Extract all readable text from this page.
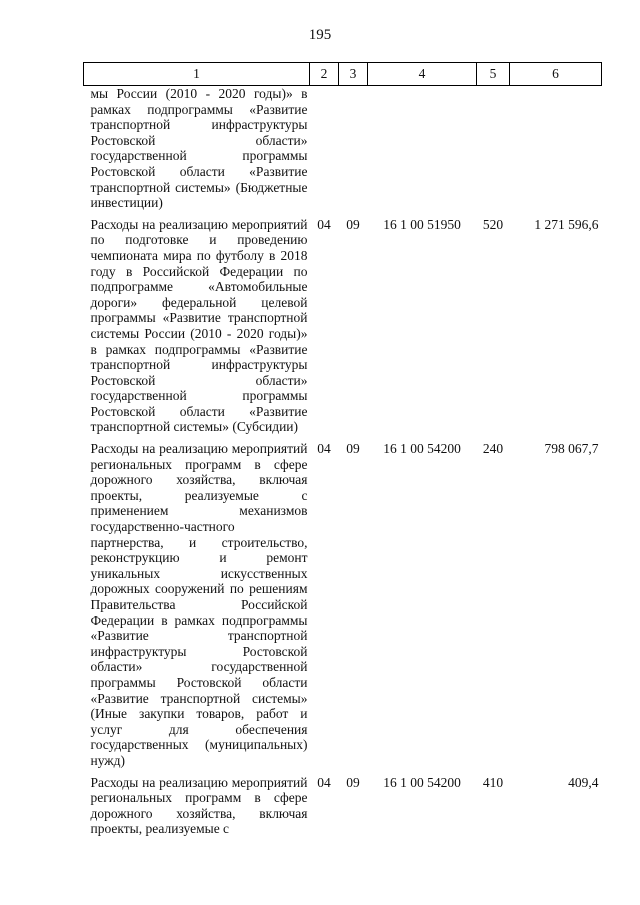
195
1	2	3	4	5	6
мы России (2010 - 2020 годы)» в рамках подпрограммы «Развитие транспортной инфраструктуры Ростовской области» государственной программы Ростовской области «Развитие транспортной системы» (Бюджетные инвестиции)					
Расходы на реализацию мероприятий по подготовке и проведению чемпионата мира по футболу в 2018 году в Российской Федерации по подпрограмме «Автомобильные дороги» федеральной целевой программы «Развитие транспортной системы России (2010 - 2020 годы)» в рамках подпрограммы «Развитие транспортной инфраструктуры Ростовской области» государственной программы Ростовской области «Развитие транспортной системы» (Субсидии)	04	09	16 1 00 51950	520	1 271 596,6
Расходы на реализацию мероприятий региональных программ в сфере дорожного хозяйства, включая проекты, реализуемые с применением механизмов государственно-частного партнерства, и строительство, реконструкцию и ремонт уникальных искусственных дорожных сооружений по решениям Правительства Российской Федерации в рамках подпрограммы «Развитие транспортной инфраструктуры Ростовской области» государственной программы Ростовской области «Развитие транспортной системы» (Иные закупки товаров, работ и услуг для обеспечения государственных (муниципальных) нужд)	04	09	16 1 00 54200	240	798 067,7
Расходы на реализацию мероприятий региональных программ в сфере дорожного хозяйства, включая проекты, реализуемые с	04	09	16 1 00 54200	410	409,4
